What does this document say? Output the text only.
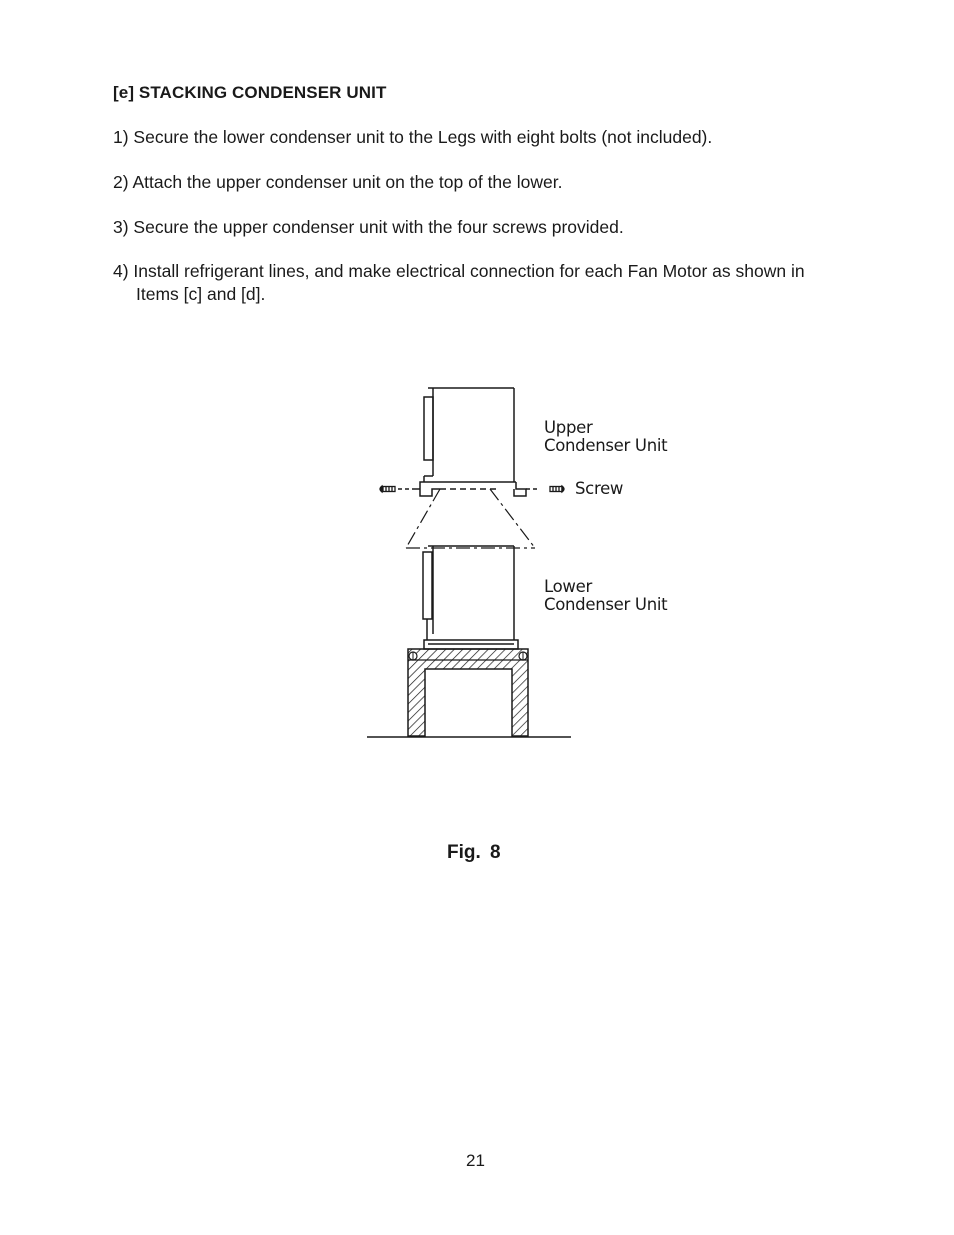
[e] STACKING CONDENSER UNIT
1) Secure the lower condenser unit to the Legs with eight bolts (not included).
2) Attach the upper condenser unit on the top of the lower.
3) Secure the upper condenser unit with the four screws provided.
4) Install refrigerant lines, and make electrical connection for each Fan Motor as shown in
Items [c] and [d].
Upper
Condenser Unit
Screw
Lower
Condenser Unit
Fig. 8
21
